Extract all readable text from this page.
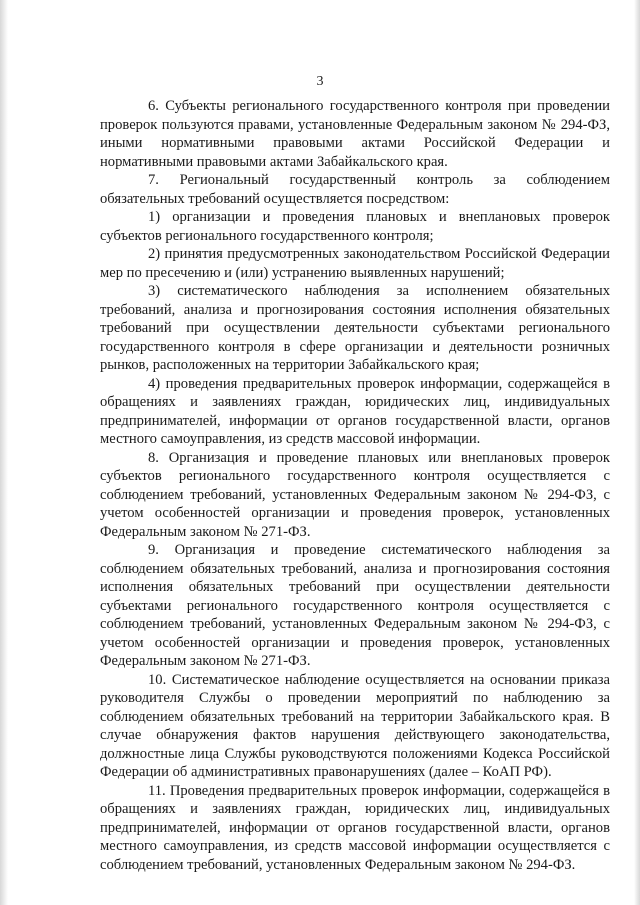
3

6. Субъекты регионального государственного контроля при проведении проверок пользуются правами, установленные Федеральным законом № 294-ФЗ, иными нормативными правовыми актами Российской Федерации и нормативными правовыми актами Забайкальского края.

7. Региональный государственный контроль за соблюдением обязательных требований осуществляется посредством:

1) организации и проведения плановых и внеплановых проверок субъектов регионального государственного контроля;

2) принятия предусмотренных законодательством Российской Федерации мер по пресечению и (или) устранению выявленных нарушений;

3) систематического наблюдения за исполнением обязательных требований, анализа и прогнозирования состояния исполнения обязательных требований при осуществлении деятельности субъектами регионального государственного контроля в сфере организации и деятельности розничных рынков, расположенных на территории Забайкальского края;

4) проведения предварительных проверок информации, содержащейся в обращениях и заявлениях граждан, юридических лиц, индивидуальных предпринимателей, информации от органов государственной власти, органов местного самоуправления, из средств массовой информации.

8. Организация и проведение плановых или внеплановых проверок субъектов регионального государственного контроля осуществляется с соблюдением требований, установленных Федеральным законом № 294-ФЗ, с учетом особенностей организации и проведения проверок, установленных Федеральным законом № 271-ФЗ.

9. Организация и проведение систематического наблюдения за соблюдением обязательных требований, анализа и прогнозирования состояния исполнения обязательных требований при осуществлении деятельности субъектами регионального государственного контроля осуществляется с соблюдением требований, установленных Федеральным законом № 294-ФЗ, с учетом особенностей организации и проведения проверок, установленных Федеральным законом № 271-ФЗ.

10. Систематическое наблюдение осуществляется на основании приказа руководителя Службы о проведении мероприятий по наблюдению за соблюдением обязательных требований на территории Забайкальского края. В случае обнаружения фактов нарушения действующего законодательства, должностные лица Службы руководствуются положениями Кодекса Российской Федерации об административных правонарушениях (далее – КоАП РФ).

11. Проведения предварительных проверок информации, содержащейся в обращениях и заявлениях граждан, юридических лиц, индивидуальных предпринимателей, информации от органов государственной власти, органов местного самоуправления, из средств массовой информации осуществляется с соблюдением требований, установленных Федеральным законом № 294-ФЗ.
